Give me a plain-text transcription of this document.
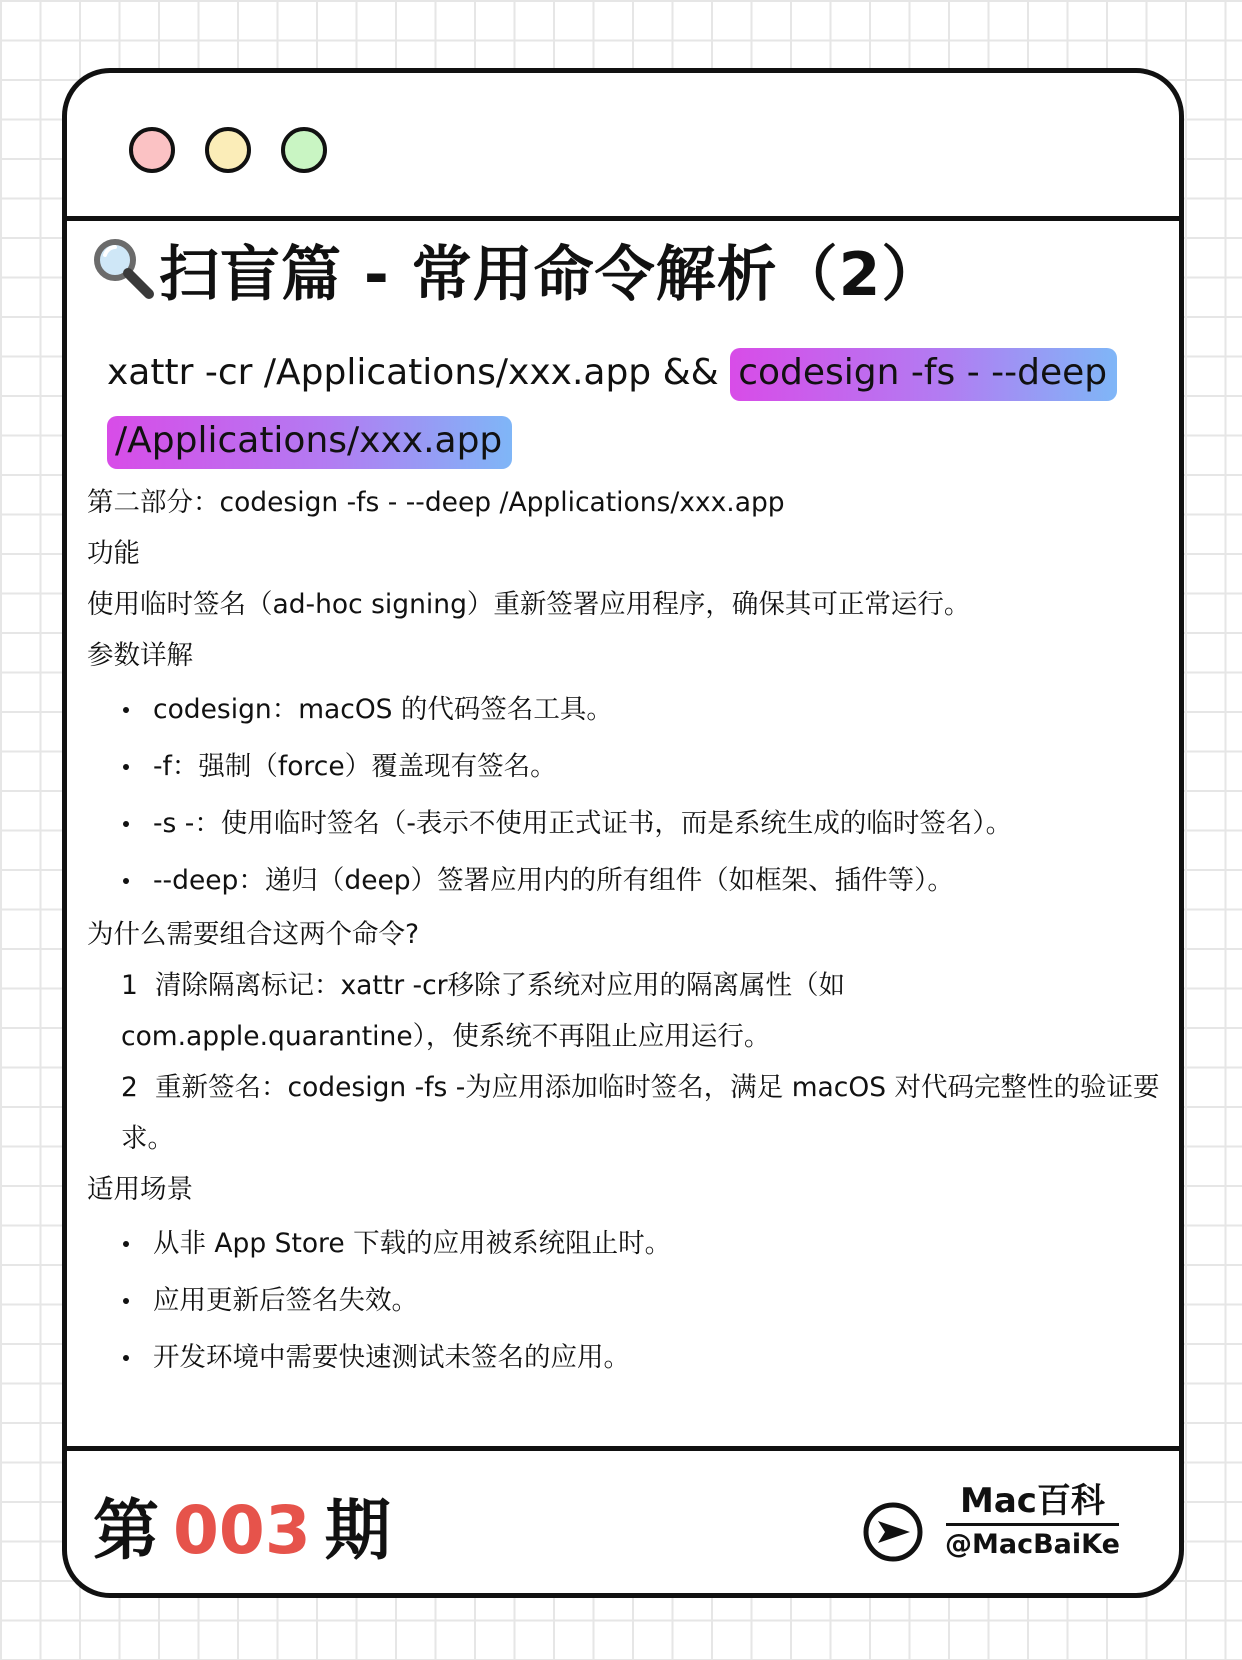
扫盲篇 - 常用命令解析（2）
xattr -cr /Applications/xxx.app && codesign -fs - --deep /Applications/xxx.app

第二部分：codesign -fs - --deep /Applications/xxx.app

功能

使用临时签名（ad-hoc signing）重新签署应用程序，确保其可正常运行。

参数详解

codesign：macOS 的代码签名工具。
-f：强制（force）覆盖现有签名。
-s -：使用临时签名（-表示不使用正式证书，而是系统生成的临时签名）。
--deep：递归（deep）签署应用内的所有组件（如框架、插件等）。

为什么需要组合这两个命令?

1 清除隔离标记：xattr -cr移除了系统对应用的隔离属性（如 com.apple.quarantine），使系统不再阻止应用运行。

2 重新签名：codesign -fs -为应用添加临时签名，满足 macOS 对代码完整性的验证要求。

适用场景

从非 App Store 下载的应用被系统阻止时。
应用更新后签名失效。
开发环境中需要快速测试未签名的应用。
第 003 期	Mac百科
@MacBaiKe
